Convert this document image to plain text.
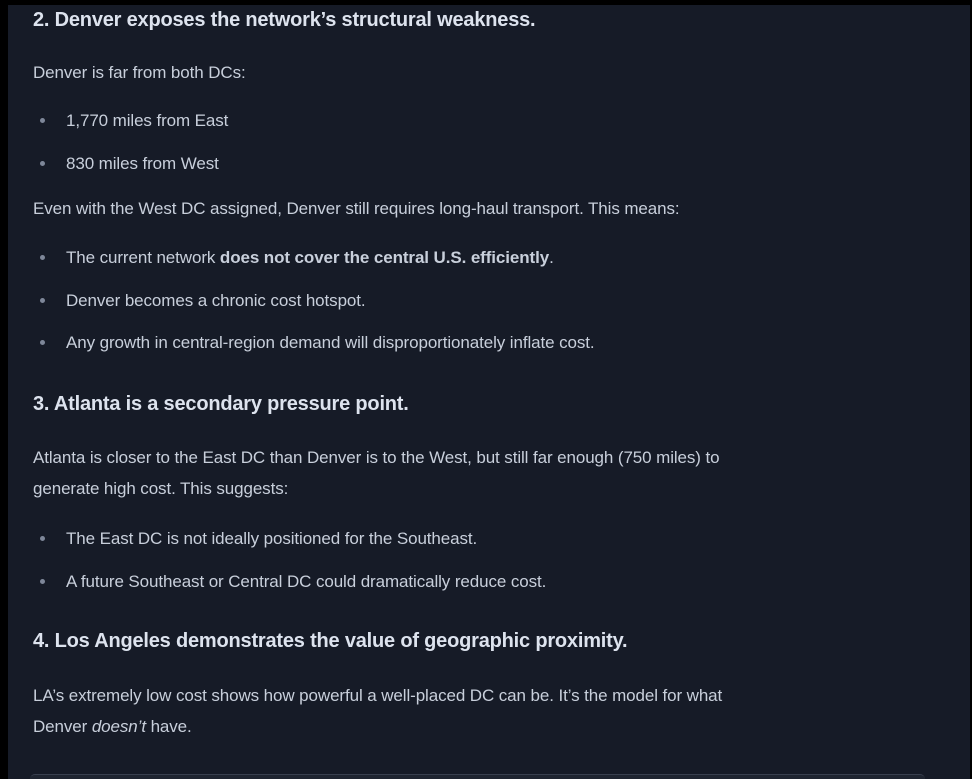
2. Denver exposes the network’s structural weakness.
Denver is far from both DCs:
1,770 miles from East
830 miles from West
Even with the West DC assigned, Denver still requires long-haul transport. This means:
The current network does not cover the central U.S. efficiently.
Denver becomes a chronic cost hotspot.
Any growth in central-region demand will disproportionately inflate cost.
3. Atlanta is a secondary pressure point.
Atlanta is closer to the East DC than Denver is to the West, but still far enough (750 miles) to
generate high cost. This suggests:
The East DC is not ideally positioned for the Southeast.
A future Southeast or Central DC could dramatically reduce cost.
4. Los Angeles demonstrates the value of geographic proximity.
LA’s extremely low cost shows how powerful a well-placed DC can be. It’s the model for what
Denver doesn’t have.
